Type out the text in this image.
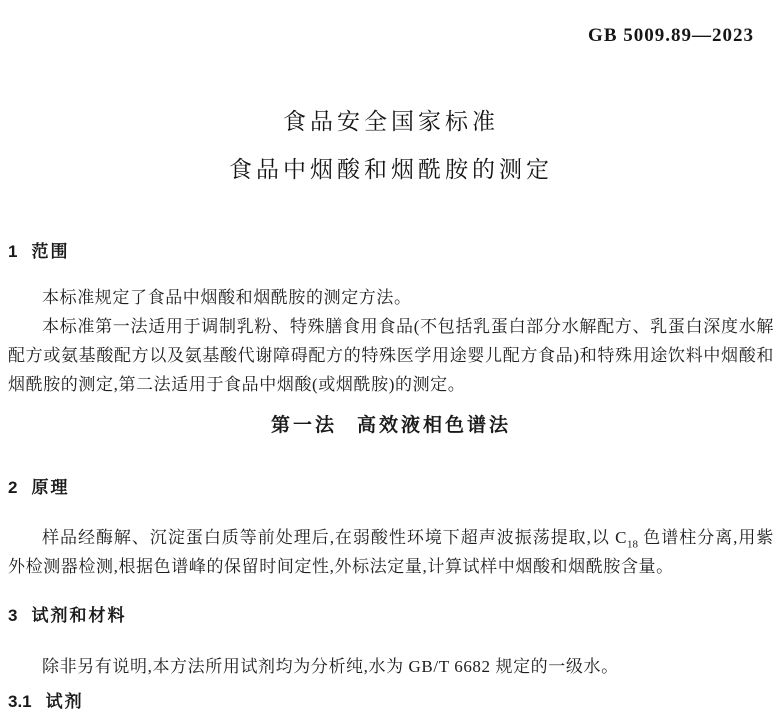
GB 5009.89—2023
食品安全国家标准
食品中烟酸和烟酰胺的测定
1 范围

本标准规定了食品中烟酸和烟酰胺的测定方法。

本标准第一法适用于调制乳粉、特殊膳食用食品(不包括乳蛋白部分水解配方、乳蛋白深度水解配方或氨基酸配方以及氨基酸代谢障碍配方的特殊医学用途婴儿配方食品)和特殊用途饮料中烟酸和烟酰胺的测定,第二法适用于食品中烟酸(或烟酰胺)的测定。

第一法 高效液相色谱法
2 原理

样品经酶解、沉淀蛋白质等前处理后,在弱酸性环境下超声波振荡提取,以 $C_{18}$ 色谱柱分离,用紫外检测器检测,根据色谱峰的保留时间定性,外标法定量,计算试样中烟酸和烟酰胺含量。

3 试剂和材料

除非另有说明,本方法所用试剂均为分析纯,水为 GB/T 6682 规定的一级水。

3.1 试剂
